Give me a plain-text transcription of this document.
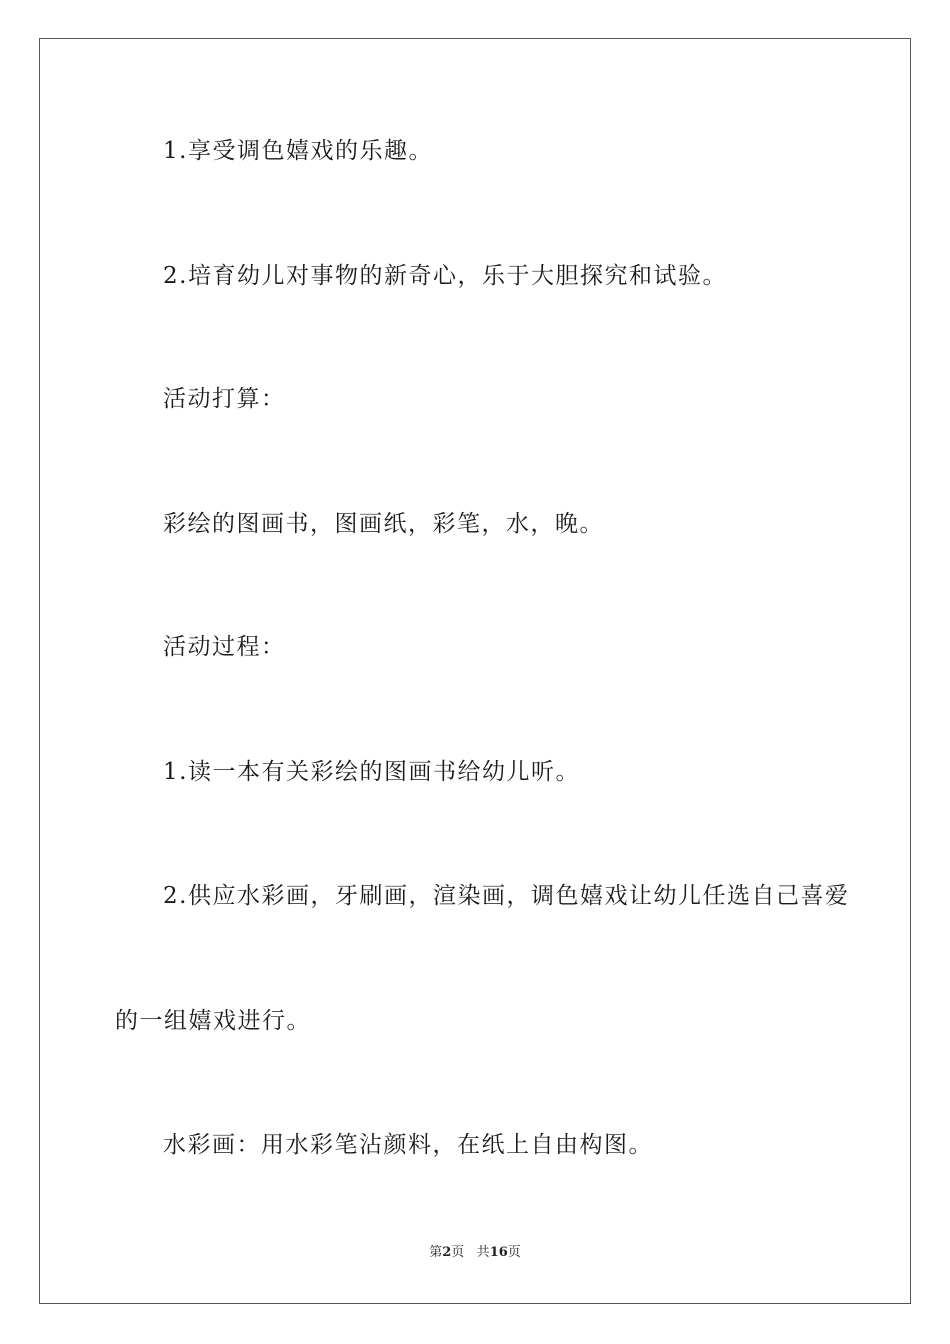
1.享受调色嬉戏的乐趣。

2.培育幼儿对事物的新奇心，乐于大胆探究和试验。

活动打算：

彩绘的图画书，图画纸，彩笔，水，晚。

活动过程：

1.读一本有关彩绘的图画书给幼儿听。

2.供应水彩画，牙刷画，渲染画，调色嬉戏让幼儿任选自己喜爱

的一组嬉戏进行。

水彩画：用水彩笔沾颜料，在纸上自由构图。

第2页 共16页
